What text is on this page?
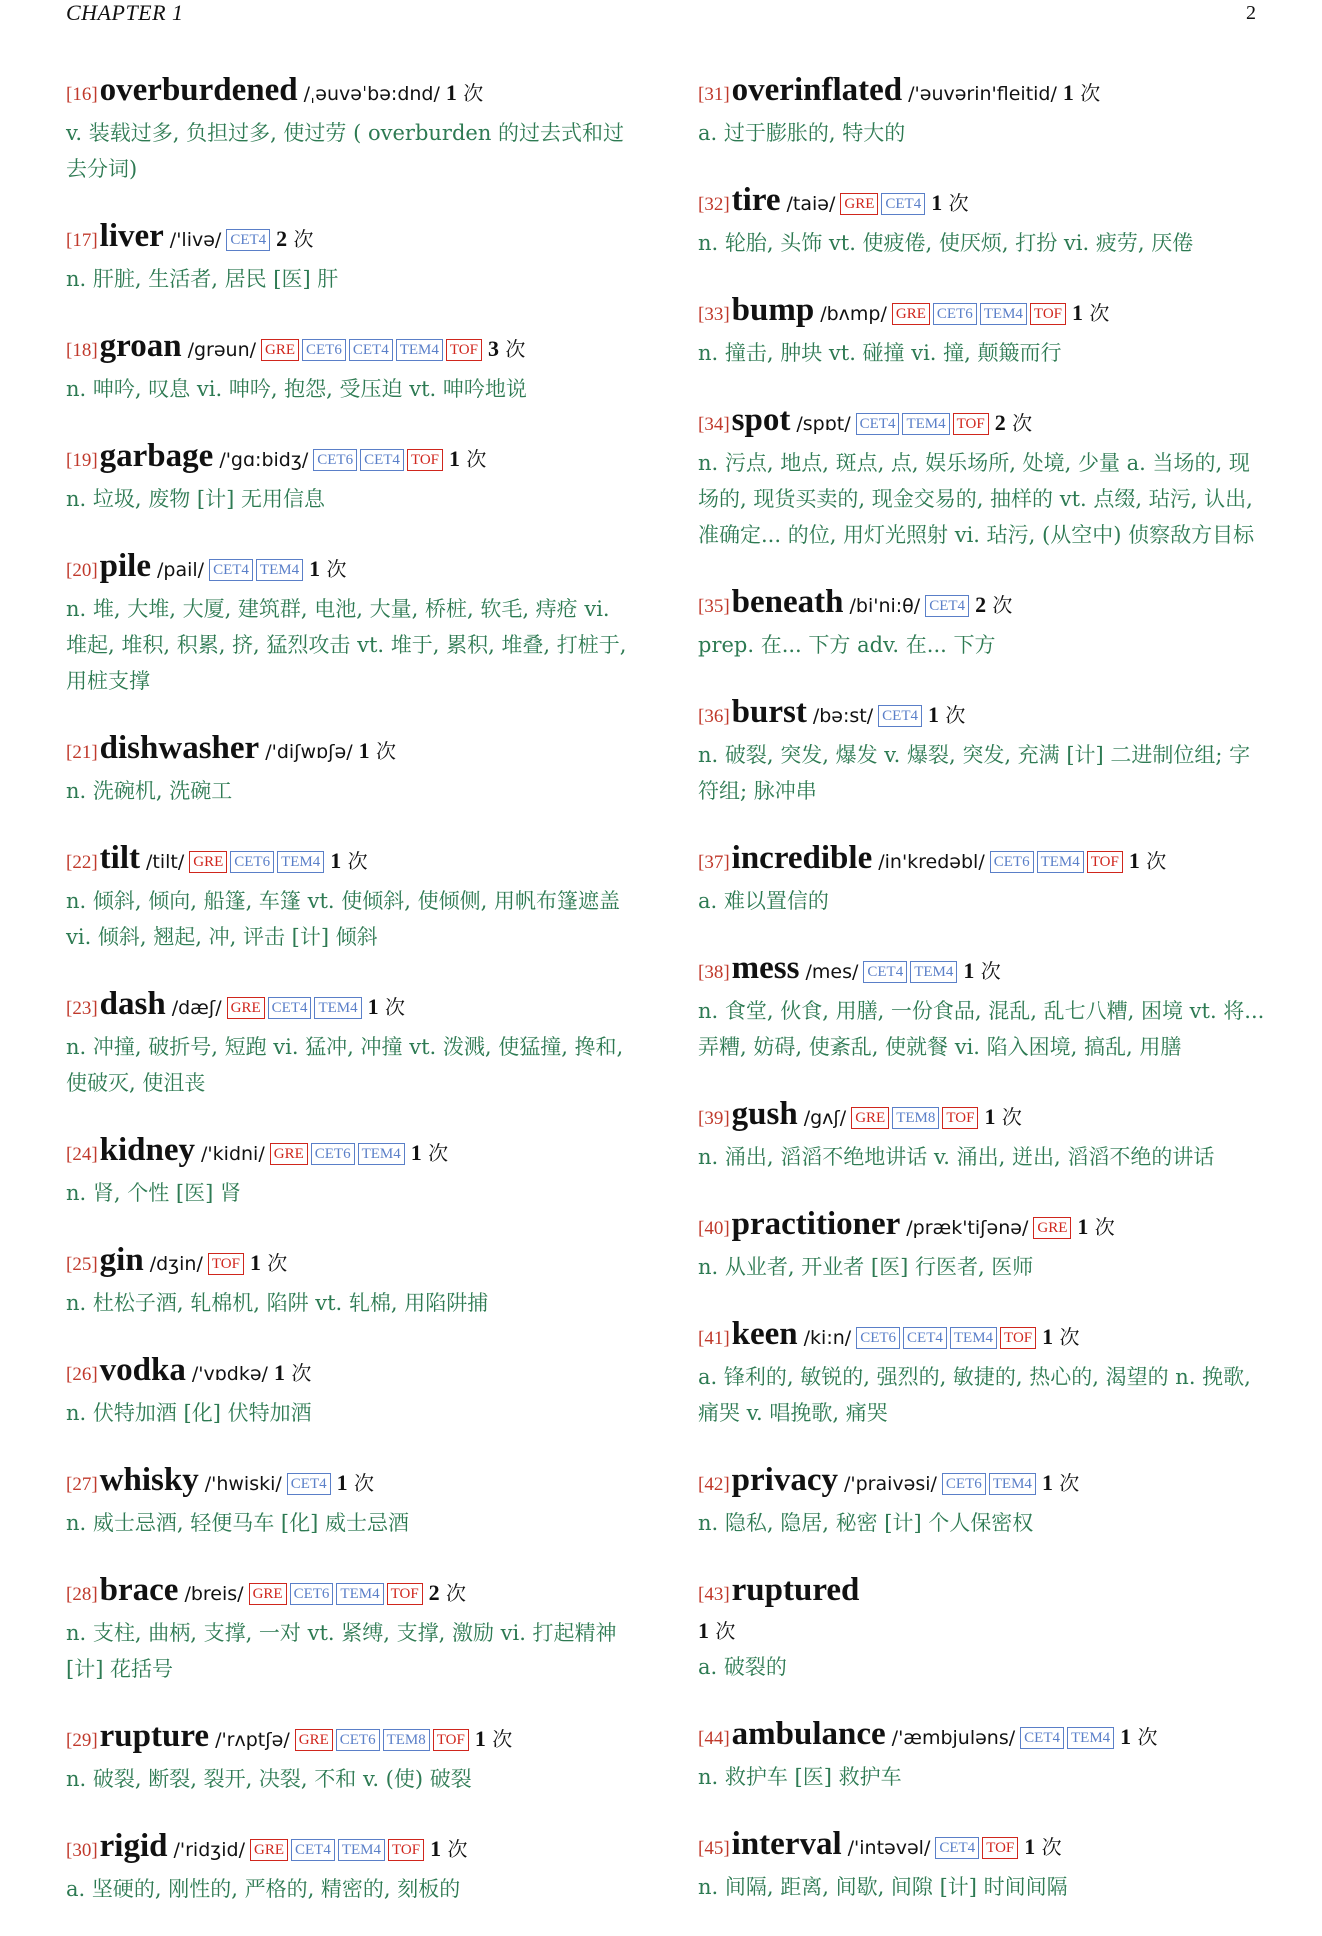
CHAPTER 1	2
[16]overburdened /ˌəuvəˈbə:dnd/ 1 次
v. 装载过多, 负担过多, 使过劳 ( overburden 的过去式和过去分词)
[17]liver /'livə/ CET4 2 次
n. 肝脏, 生活者, 居民 [医] 肝
[18]groan /grəun/ GRE CET6 CET4 TEM4 TOF 3 次
n. 呻吟, 叹息 vi. 呻吟, 抱怨, 受压迫 vt. 呻吟地说
[19]garbage /'gɑ:bidʒ/ CET6 CET4 TOF 1 次
n. 垃圾, 废物 [计] 无用信息
[20]pile /pail/ CET4 TEM4 1 次
n. 堆, 大堆, 大厦, 建筑群, 电池, 大量, 桥桩, 软毛, 痔疮 vi. 堆起, 堆积, 积累, 挤, 猛烈攻击 vt. 堆于, 累积, 堆叠, 打桩于, 用桩支撑
[21]dishwasher /'diʃwɒʃə/ 1 次
n. 洗碗机, 洗碗工
[22]tilt /tilt/ GRE CET6 TEM4 1 次
n. 倾斜, 倾向, 船篷, 车篷 vt. 使倾斜, 使倾侧, 用帆布篷遮盖 vi. 倾斜, 翘起, 冲, 评击 [计] 倾斜
[23]dash /dæʃ/ GRE CET4 TEM4 1 次
n. 冲撞, 破折号, 短跑 vi. 猛冲, 冲撞 vt. 泼溅, 使猛撞, 搀和, 使破灭, 使沮丧
[24]kidney /'kidni/ GRE CET6 TEM4 1 次
n. 肾, 个性 [医] 肾
[25]gin /dʒin/ TOF 1 次
n. 杜松子酒, 轧棉机, 陷阱 vt. 轧棉, 用陷阱捕
[26]vodka /'vɒdkə/ 1 次
n. 伏特加酒 [化] 伏特加酒
[27]whisky /'hwiski/ CET4 1 次
n. 威士忌酒, 轻便马车 [化] 威士忌酒
[28]brace /breis/ GRE CET6 TEM4 TOF 2 次
n. 支柱, 曲柄, 支撑, 一对 vt. 紧缚, 支撑, 激励 vi. 打起精神 [计] 花括号
[29]rupture /'rʌptʃə/ GRE CET6 TEM8 TOF 1 次
n. 破裂, 断裂, 裂开, 决裂, 不和 v. (使) 破裂
[30]rigid /'ridʒid/ GRE CET4 TEM4 TOF 1 次
a. 坚硬的, 刚性的, 严格的, 精密的, 刻板的
[31]overinflated /'əuvərin'fleitid/ 1 次
a. 过于膨胀的, 特大的
[32]tire /taiə/ GRE CET4 1 次
n. 轮胎, 头饰 vt. 使疲倦, 使厌烦, 打扮 vi. 疲劳, 厌倦
[33]bump /bʌmp/ GRE CET6 TEM4 TOF 1 次
n. 撞击, 肿块 vt. 碰撞 vi. 撞, 颠簸而行
[34]spot /spɒt/ CET4 TEM4 TOF 2 次
n. 污点, 地点, 斑点, 点, 娱乐场所, 处境, 少量 a. 当场的, 现场的, 现货买卖的, 现金交易的, 抽样的 vt. 点缀, 玷污, 认出, 准确定... 的位, 用灯光照射 vi. 玷污, (从空中) 侦察敌方目标
[35]beneath /bi'ni:θ/ CET4 2 次
prep. 在... 下方 adv. 在... 下方
[36]burst /bə:st/ CET4 1 次
n. 破裂, 突发, 爆发 v. 爆裂, 突发, 充满 [计] 二进制位组; 字符组; 脉冲串
[37]incredible /in'kredəbl/ CET6 TEM4 TOF 1 次
a. 难以置信的
[38]mess /mes/ CET4 TEM4 1 次
n. 食堂, 伙食, 用膳, 一份食品, 混乱, 乱七八糟, 困境 vt. 将... 弄糟, 妨碍, 使紊乱, 使就餐 vi. 陷入困境, 搞乱, 用膳
[39]gush /gʌʃ/ GRE TEM8 TOF 1 次
n. 涌出, 滔滔不绝地讲话 v. 涌出, 迸出, 滔滔不绝的讲话
[40]practitioner /præk'tiʃənə/ GRE 1 次
n. 从业者, 开业者 [医] 行医者, 医师
[41]keen /ki:n/ CET6 CET4 TEM4 TOF 1 次
a. 锋利的, 敏锐的, 强烈的, 敏捷的, 热心的, 渴望的 n. 挽歌, 痛哭 v. 唱挽歌, 痛哭
[42]privacy /'praivəsi/ CET6 TEM4 1 次
n. 隐私, 隐居, 秘密 [计] 个人保密权
[43]ruptured
1 次
a. 破裂的
[44]ambulance /'æmbjuləns/ CET4 TEM4 1 次
n. 救护车 [医] 救护车
[45]interval /'intəvəl/ CET4 TOF 1 次
n. 间隔, 距离, 间歇, 间隙 [计] 时间间隔
